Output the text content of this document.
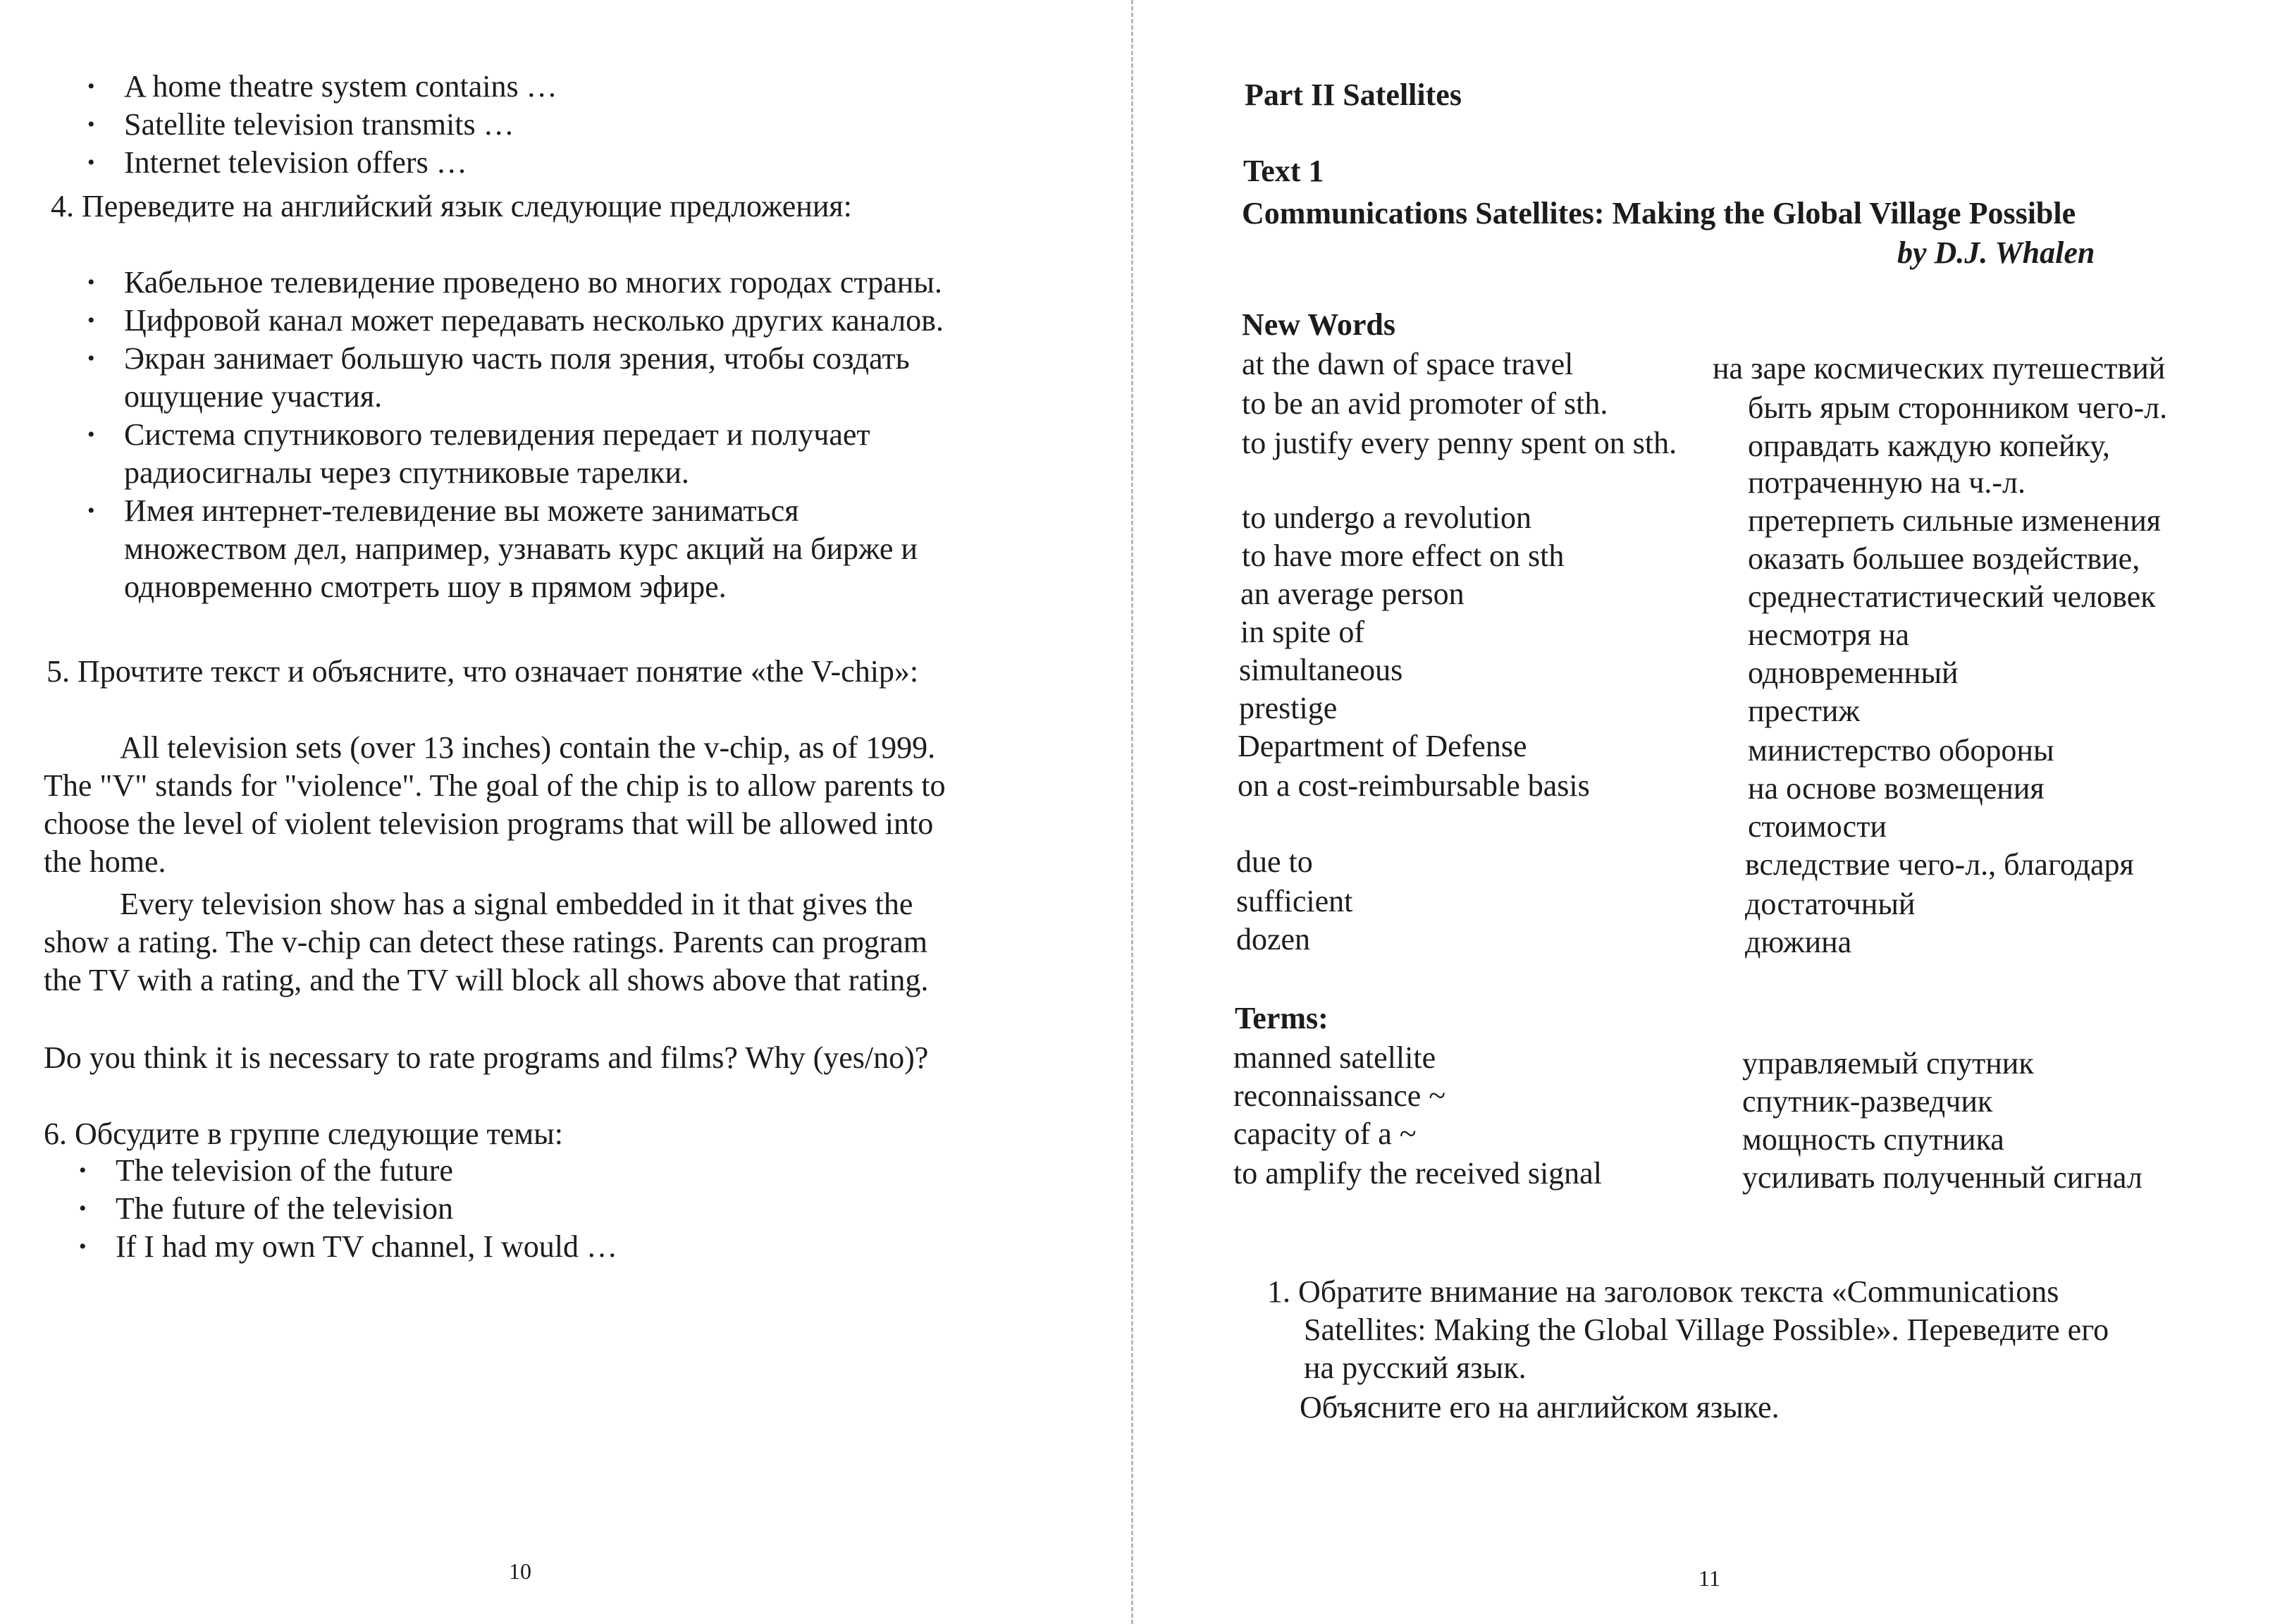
• A home theatre system contains …
• Satellite television transmits …
• Internet television offers …
4. Переведите на английский язык следующие предложения:
• Кабельное телевидение проведено во многих городах страны.
• Цифровой канал может передавать несколько других каналов.
• Экран занимает большую часть поля зрения, чтобы создать
ощущение участия.
• Система спутникового телевидения передает и получает
радиосигналы через спутниковые тарелки.
• Имея интернет-телевидение вы можете заниматься
множеством дел, например, узнавать курс акций на бирже и
одновременно смотреть шоу в прямом эфире.
5. Прочтите текст и объясните, что означает понятие «the V-chip»:
All television sets (over 13 inches) contain the v-chip, as of 1999.
The "V" stands for "violence". The goal of the chip is to allow parents to
choose the level of violent television programs that will be allowed into
the home.
Every television show has a signal embedded in it that gives the
show a rating. The v-chip can detect these ratings. Parents can program
the TV with a rating, and the TV will block all shows above that rating.
Do you think it is necessary to rate programs and films? Why (yes/no)?
6. Обсудите в группе следующие темы:
• The television of the future
• The future of the television
• If I had my own TV channel, I would …
10
Part II Satellites
Text 1
Communications Satellites: Making the Global Village Possible
by D.J. Whalen
New Words
at the dawn of space travel
to be an avid promoter of sth.
to justify every penny spent on sth.
to undergo a revolution
to have more effect on sth
an average person
in spite of
simultaneous
prestige
Department of Defense
on a cost-reimbursable basis
due to
sufficient
dozen
на заре космических путешествий
быть ярым сторонником чего-л.
оправдать каждую копейку,
потраченную на ч.-л.
претерпеть сильные изменения
оказать большее воздействие,
среднестатистический человек
несмотря на
одновременный
престиж
министерство обороны
на основе возмещения
стоимости
вследствие чего-л., благодаря
достаточный
дюжина
Terms:
manned satellite
reconnaissance ~
capacity of a ~
to amplify the received signal
управляемый спутник
спутник-разведчик
мощность спутника
усиливать полученный сигнал
1. Обратите внимание на заголовок текста «Communications
Satellites: Making the Global Village Possible». Переведите его
на русский язык.
Объясните его на английском языке.
11
